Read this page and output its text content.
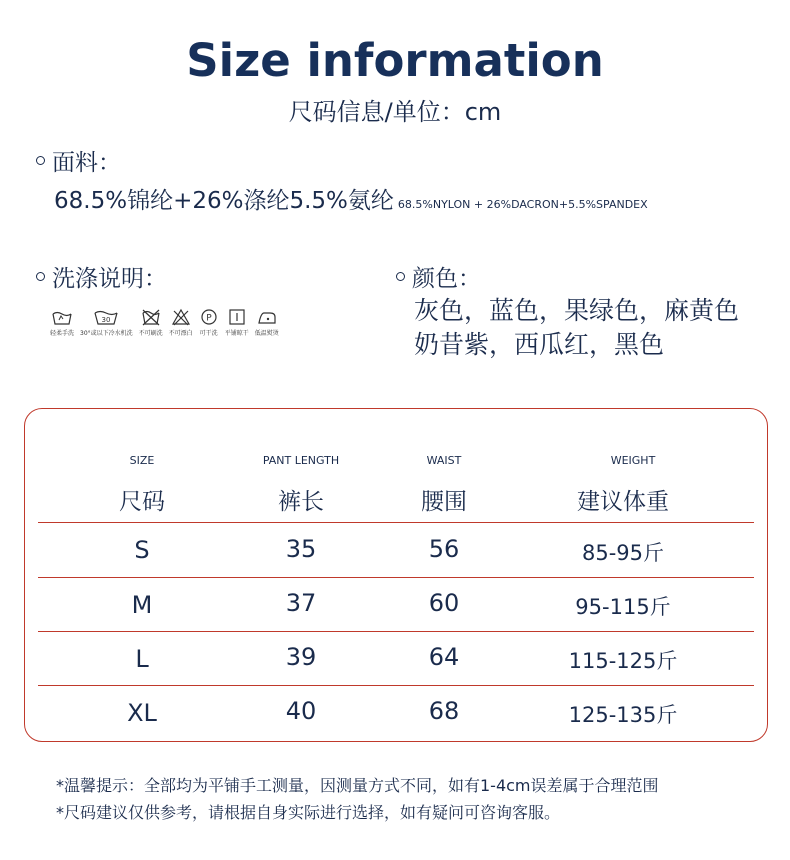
Size information
尺码信息/单位：cm
面料：
68.5%锦纶+26%涤纶5.5%氨纶 68.5%NYLON + 26%DACRON+5.5%SPANDEX
洗涤说明：
轻柔手洗
30
30°或以下冷水机洗 不可刷洗 不可漂白
P
可干洗 平铺晾干 低温熨烫
颜色：
灰色，蓝色，果绿色，麻黄色
奶昔紫，西瓜红，黑色
SIZE	PANT LENGTH	WAIST	WEIGHT
尺码	裤长	腰围	建议体重
S	35	56	85-95斤
M	37	60	95-115斤
L	39	64	115-125斤
XL	40	68	125-135斤
*温馨提示：全部均为平铺手工测量，因测量方式不同，如有1-4cm误差属于合理范围
*尺码建议仅供参考，请根据自身实际进行选择，如有疑问可咨询客服。
